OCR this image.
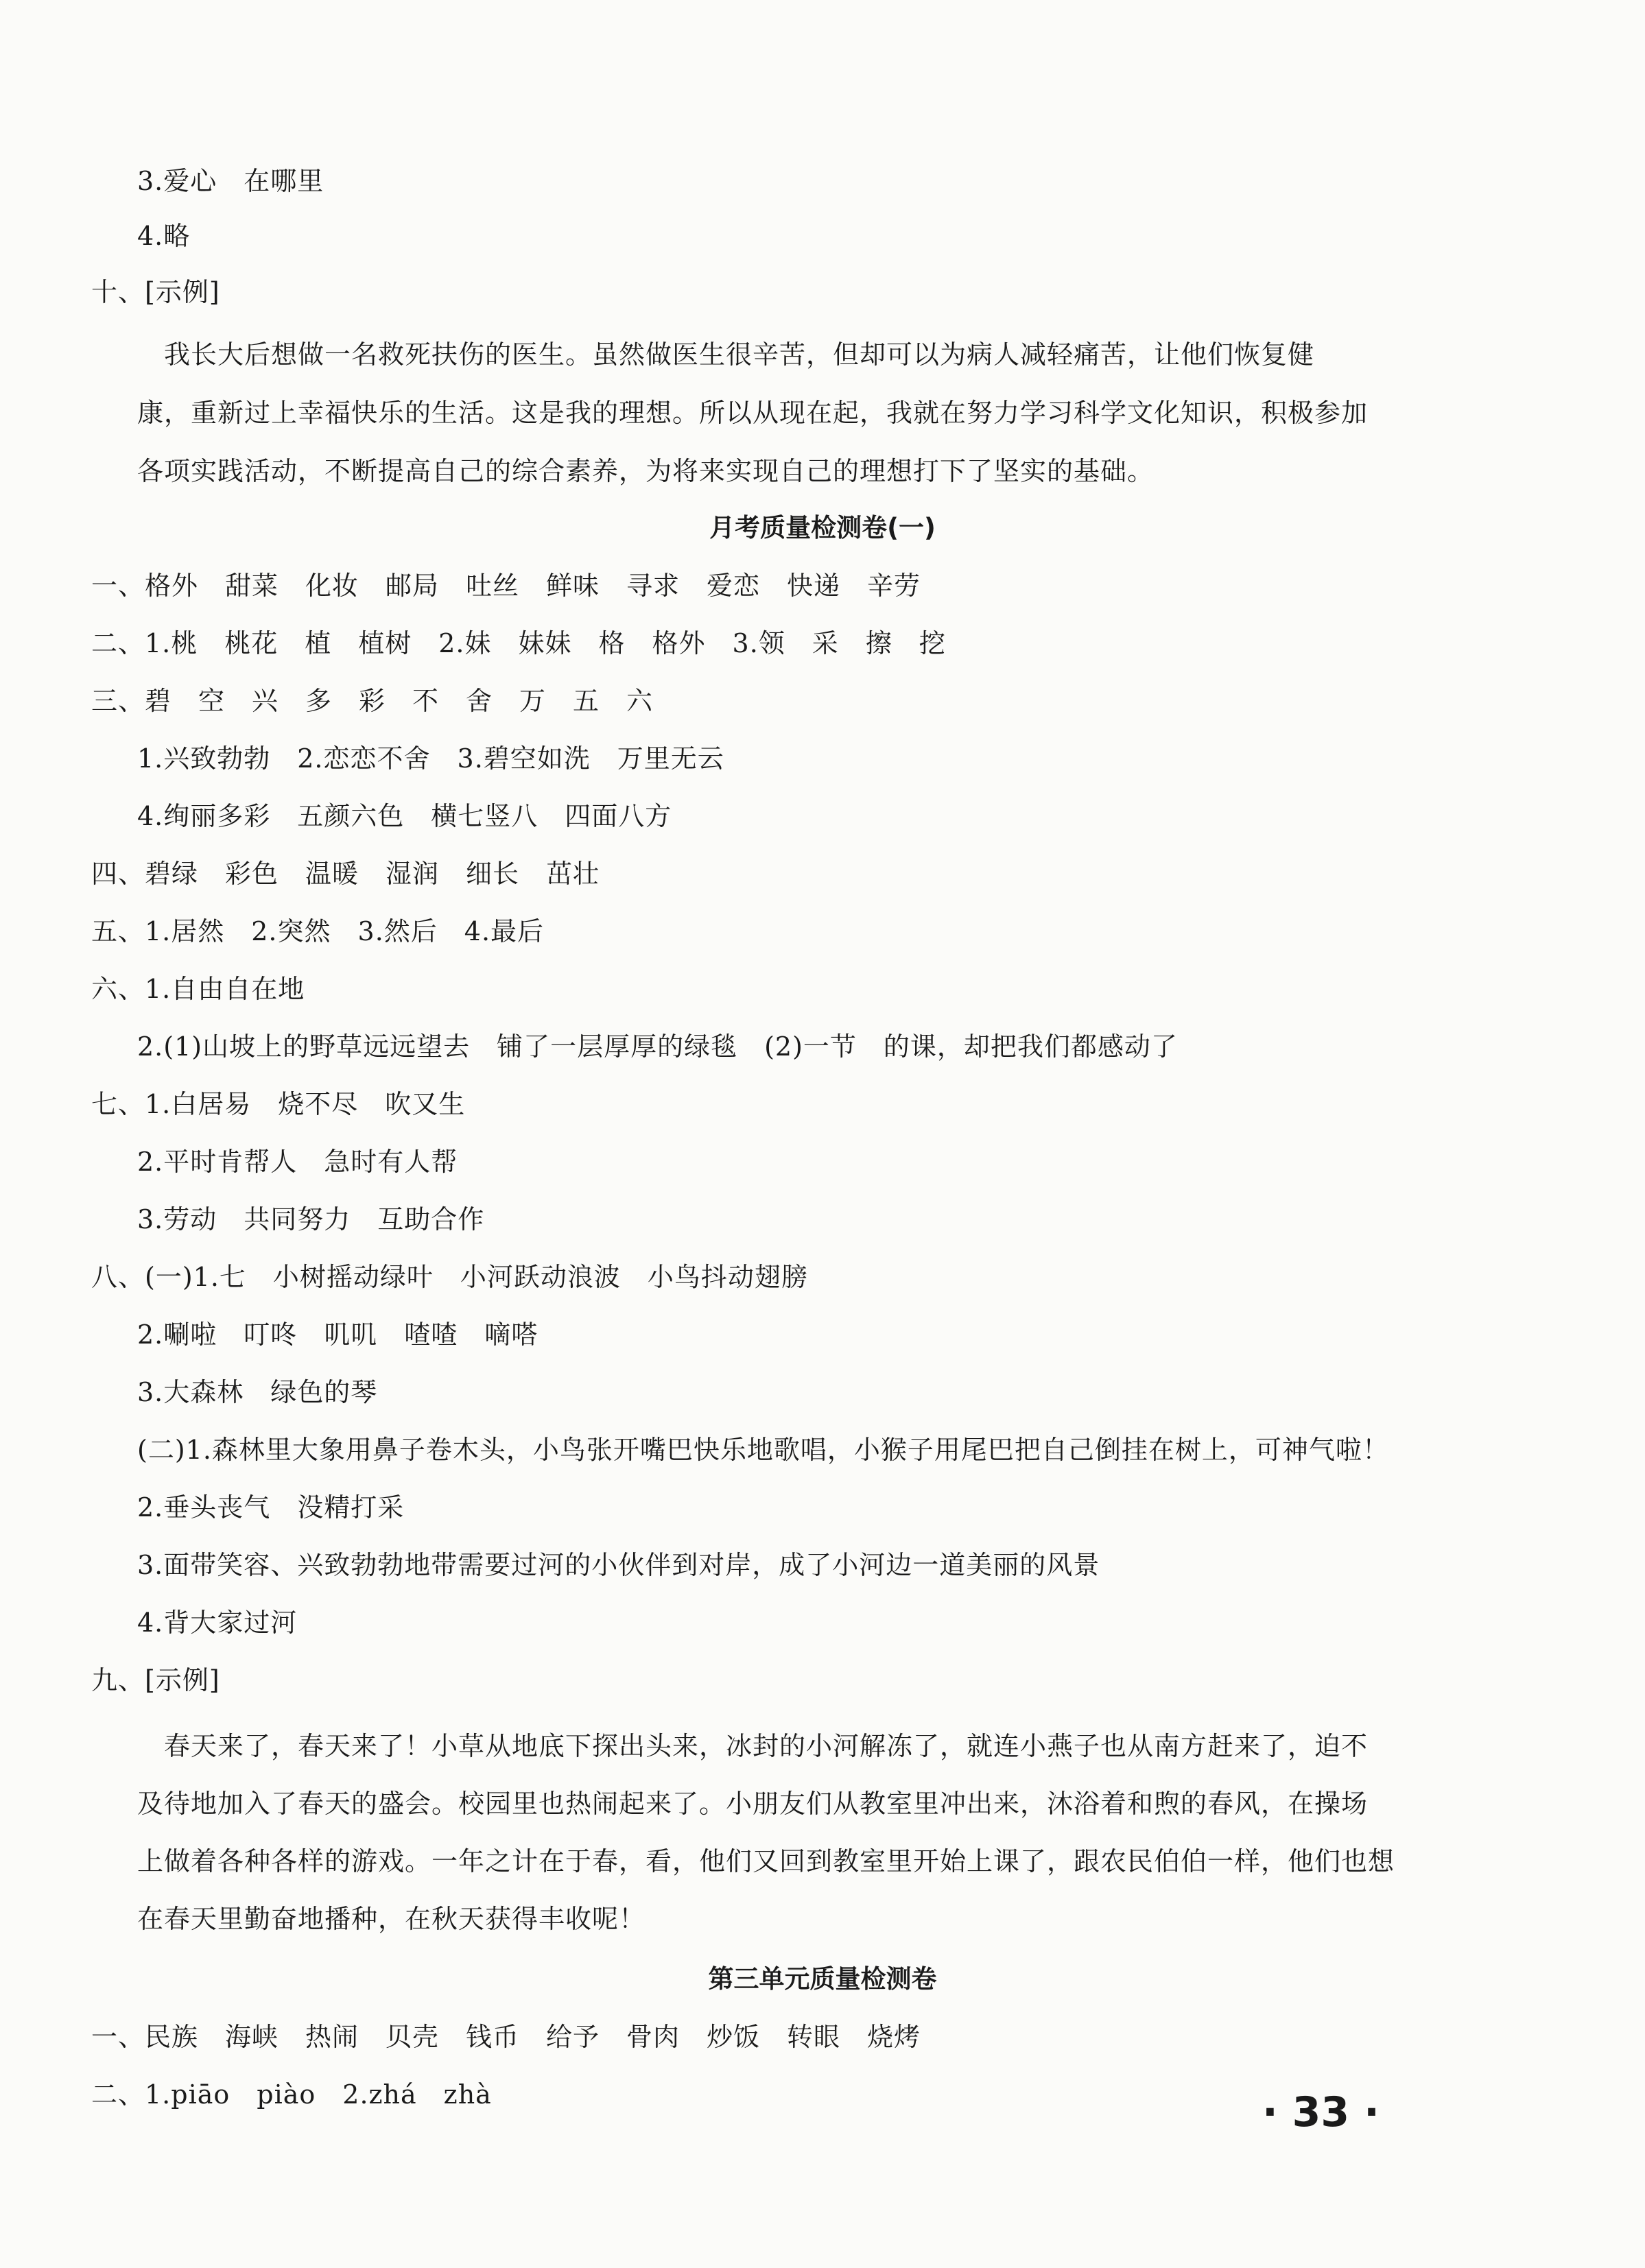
3.爱心　在哪里
4.略
十、[示例]
　我长大后想做一名救死扶伤的医生。虽然做医生很辛苦，但却可以为病人减轻痛苦，让他们恢复健
康，重新过上幸福快乐的生活。这是我的理想。所以从现在起，我就在努力学习科学文化知识，积极参加
各项实践活动，不断提高自己的综合素养，为将来实现自己的理想打下了坚实的基础。
月考质量检测卷(一)
一、格外　甜菜　化妆　邮局　吐丝　鲜味　寻求　爱恋　快递　辛劳
二、1.桃　桃花　植　植树　2.妹　妹妹　格　格外　3.领　采　擦　挖
三、碧　空　兴　多　彩　不　舍　万　五　六
1.兴致勃勃　2.恋恋不舍　3.碧空如洗　万里无云
4.绚丽多彩　五颜六色　横七竖八　四面八方
四、碧绿　彩色　温暖　湿润　细长　茁壮
五、1.居然　2.突然　3.然后　4.最后
六、1.自由自在地
2.(1)山坡上的野草远远望去　铺了一层厚厚的绿毯　(2)一节　的课，却把我们都感动了
七、1.白居易　烧不尽　吹又生
2.平时肯帮人　急时有人帮
3.劳动　共同努力　互助合作
八、(一)1.七　小树摇动绿叶　小河跃动浪波　小鸟抖动翅膀
2.唰啦　叮咚　叽叽　喳喳　嘀嗒
3.大森林　绿色的琴
(二)1.森林里大象用鼻子卷木头，小鸟张开嘴巴快乐地歌唱，小猴子用尾巴把自己倒挂在树上，可神气啦！
2.垂头丧气　没精打采
3.面带笑容、兴致勃勃地带需要过河的小伙伴到对岸，成了小河边一道美丽的风景
4.背大家过河
九、[示例]
　春天来了，春天来了！小草从地底下探出头来，冰封的小河解冻了，就连小燕子也从南方赶来了，迫不
及待地加入了春天的盛会。校园里也热闹起来了。小朋友们从教室里冲出来，沐浴着和煦的春风，在操场
上做着各种各样的游戏。一年之计在于春，看，他们又回到教室里开始上课了，跟农民伯伯一样，他们也想
在春天里勤奋地播种，在秋天获得丰收呢！
第三单元质量检测卷
一、民族　海峡　热闹　贝壳　钱币　给予　骨肉　炒饭　转眼　烧烤
二、1.piāo　piào　2.zhá　zhà	· 33 ·
